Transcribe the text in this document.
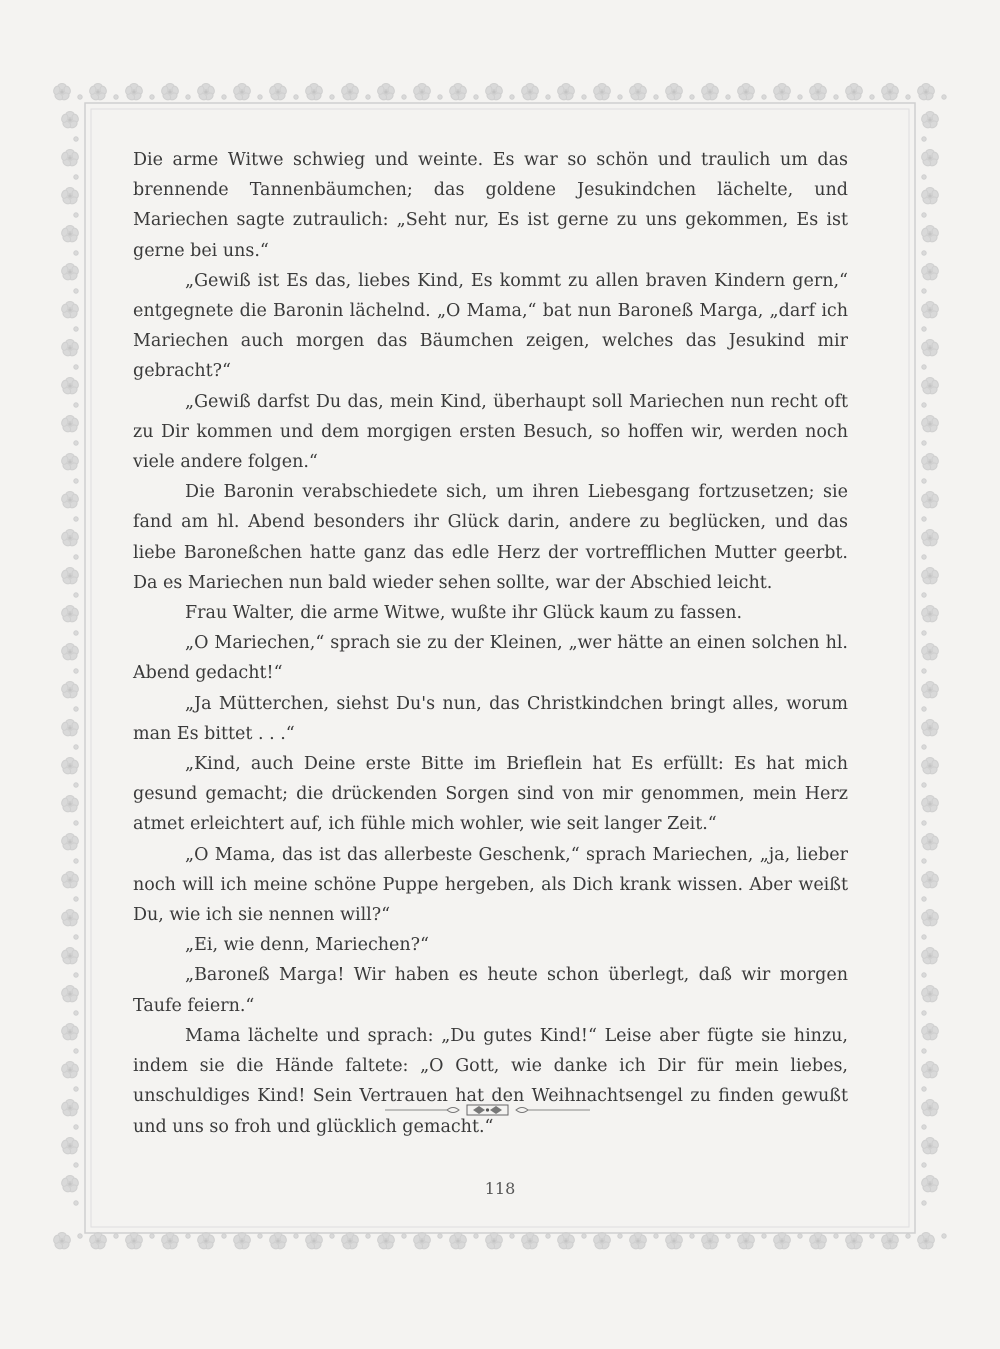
Die arme Witwe schwieg und weinte. Es war so schön und traulich um das brennende Tannenbäumchen; das goldene Jesukindchen lächelte, und Mariechen sagte zutraulich: „Seht nur, Es ist gerne zu uns gekommen, Es ist gerne bei uns.“

„Gewiß ist Es das, liebes Kind, Es kommt zu allen braven Kindern gern,“ entgegnete die Baronin lächelnd. „O Mama,“ bat nun Baroneß Marga, „darf ich Mariechen auch morgen das Bäumchen zeigen, welches das Jesukind mir gebracht?“

„Gewiß darfst Du das, mein Kind, überhaupt soll Mariechen nun recht oft zu Dir kommen und dem morgigen ersten Besuch, so hoffen wir, werden noch viele andere folgen.“

Die Baronin verabschiedete sich, um ihren Liebesgang fortzusetzen; sie fand am hl. Abend besonders ihr Glück darin, andere zu beglücken, und das liebe Baroneßchen hatte ganz das edle Herz der vortrefflichen Mutter geerbt. Da es Mariechen nun bald wieder sehen sollte, war der Abschied leicht.

Frau Walter, die arme Witwe, wußte ihr Glück kaum zu fassen.

„O Mariechen,“ sprach sie zu der Kleinen, „wer hätte an einen solchen hl. Abend gedacht!“

„Ja Mütterchen, siehst Du's nun, das Christkindchen bringt alles, worum man Es bittet . . .“

„Kind, auch Deine erste Bitte im Brieflein hat Es erfüllt: Es hat mich gesund gemacht; die drückenden Sorgen sind von mir genommen, mein Herz atmet erleichtert auf, ich fühle mich wohler, wie seit langer Zeit.“

„O Mama, das ist das allerbeste Geschenk,“ sprach Mariechen, „ja, lieber noch will ich meine schöne Puppe hergeben, als Dich krank wissen. Aber weißt Du, wie ich sie nennen will?“

„Ei, wie denn, Mariechen?“

„Baroneß Marga! Wir haben es heute schon überlegt, daß wir morgen Taufe feiern.“

Mama lächelte und sprach: „Du gutes Kind!“ Leise aber fügte sie hinzu, indem sie die Hände faltete: „O Gott, wie danke ich Dir für mein liebes, unschuldiges Kind! Sein Vertrauen hat den Weihnachtsengel zu finden gewußt und uns so froh und glücklich gemacht.“

118
